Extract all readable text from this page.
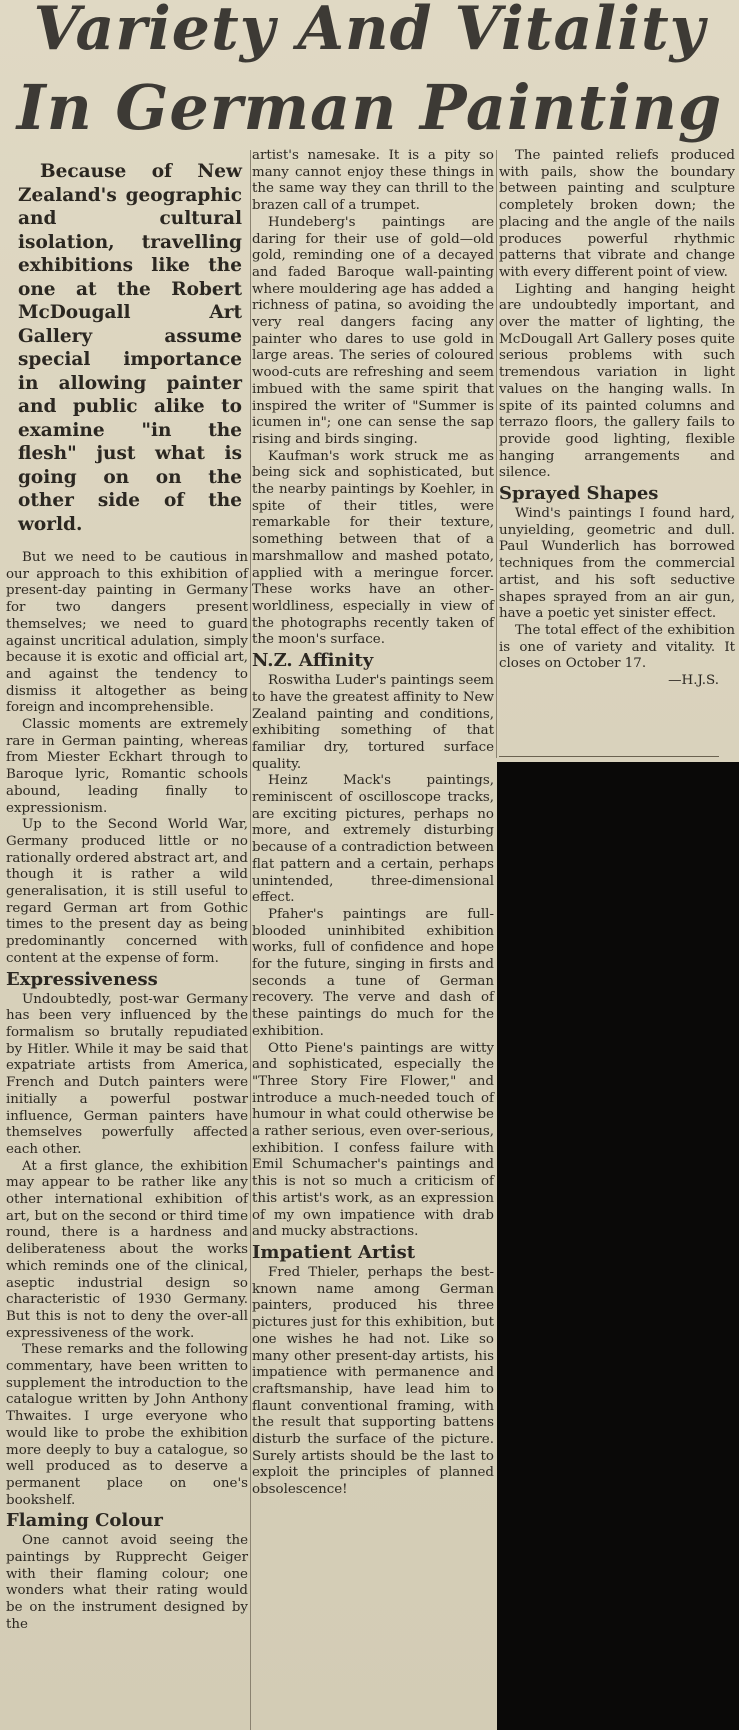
Variety And Vitality
In German Painting

Because of New Zealand's geographic and cultural isolation, travelling exhibitions like the one at the Robert McDougall Art Gallery assume special importance in allowing painter and public alike to examine "in the flesh" just what is going on on the other side of the world.

But we need to be cautious in our approach to this exhibition of present-day painting in Germany for two dangers present themselves; we need to guard against uncritical adulation, simply because it is exotic and official art, and against the tendency to dismiss it altogether as being foreign and incomprehensible.

Classic moments are extremely rare in German painting, whereas from Miester Eckhart through to Baroque lyric, Romantic schools abound, leading finally to expressionism.

Up to the Second World War, Germany produced little or no rationally ordered abstract art, and though it is rather a wild generalisation, it is still useful to regard German art from Gothic times to the present day as being predominantly concerned with content at the expense of form.

Expressiveness

Undoubtedly, post-war Germany has been very influenced by the formalism so brutally repudiated by Hitler. While it may be said that expatriate artists from America, French and Dutch painters were initially a powerful postwar influence, German painters have themselves powerfully affected each other.

At a first glance, the exhibition may appear to be rather like any other international exhibition of art, but on the second or third time round, there is a hardness and deliberateness about the works which reminds one of the clinical, aseptic industrial design so characteristic of 1930 Germany. But this is not to deny the over-all expressiveness of the work.

These remarks and the following commentary, have been written to supplement the introduction to the catalogue written by John Anthony Thwaites. I urge everyone who would like to probe the exhibition more deeply to buy a catalogue, so well produced as to deserve a permanent place on one's bookshelf.

Flaming Colour

One cannot avoid seeing the paintings by Rupprecht Geiger with their flaming colour; one wonders what their rating would be on the instrument designed by the

artist's namesake. It is a pity so many cannot enjoy these things in the same way they can thrill to the brazen call of a trumpet.

Hundeberg's paintings are daring for their use of gold—old gold, reminding one of a decayed and faded Baroque wall-painting where mouldering age has added a richness of patina, so avoiding the very real dangers facing any painter who dares to use gold in large areas. The series of coloured wood-cuts are refreshing and seem imbued with the same spirit that inspired the writer of "Summer is icumen in"; one can sense the sap rising and birds singing.

Kaufman's work struck me as being sick and sophisticated, but the nearby paintings by Koehler, in spite of their titles, were remarkable for their texture, something between that of a marshmallow and mashed potato, applied with a meringue forcer. These works have an other-worldliness, especially in view of the photographs recently taken of the moon's surface.

N.Z. Affinity

Roswitha Luder's paintings seem to have the greatest affinity to New Zealand painting and conditions, exhibiting something of that familiar dry, tortured surface quality.

Heinz Mack's paintings, reminiscent of oscilloscope tracks, are exciting pictures, perhaps no more, and extremely disturbing because of a contradiction between flat pattern and a certain, perhaps unintended, three-dimensional effect.

Pfaher's paintings are full-blooded uninhibited exhibition works, full of confidence and hope for the future, singing in firsts and seconds a tune of German recovery. The verve and dash of these paintings do much for the exhibition.

Otto Piene's paintings are witty and sophisticated, especially the "Three Story Fire Flower," and introduce a much-needed touch of humour in what could otherwise be a rather serious, even over-serious, exhibition. I confess failure with Emil Schumacher's paintings and this is not so much a criticism of this artist's work, as an expression of my own impatience with drab and mucky abstractions.

Impatient Artist

Fred Thieler, perhaps the best-known name among German painters, produced his three pictures just for this exhibition, but one wishes he had not. Like so many other present-day artists, his impatience with permanence and craftsmanship, have lead him to flaunt conventional framing, with the result that supporting battens disturb the surface of the picture. Surely artists should be the last to exploit the principles of planned obsolescence!

The painted reliefs produced with pails, show the boundary between painting and sculpture completely broken down; the placing and the angle of the nails produces powerful rhythmic patterns that vibrate and change with every different point of view.

Lighting and hanging height are undoubtedly important, and over the matter of lighting, the McDougall Art Gallery poses quite serious problems with such tremendous variation in light values on the hanging walls. In spite of its painted columns and terrazo floors, the gallery fails to provide good lighting, flexible hanging arrangements and silence.

Sprayed Shapes

Wind's paintings I found hard, unyielding, geometric and dull. Paul Wunderlich has borrowed techniques from the commercial artist, and his soft seductive shapes sprayed from an air gun, have a poetic yet sinister effect.

The total effect of the exhibition is one of variety and vitality. It closes on October 17.

—H.J.S.
